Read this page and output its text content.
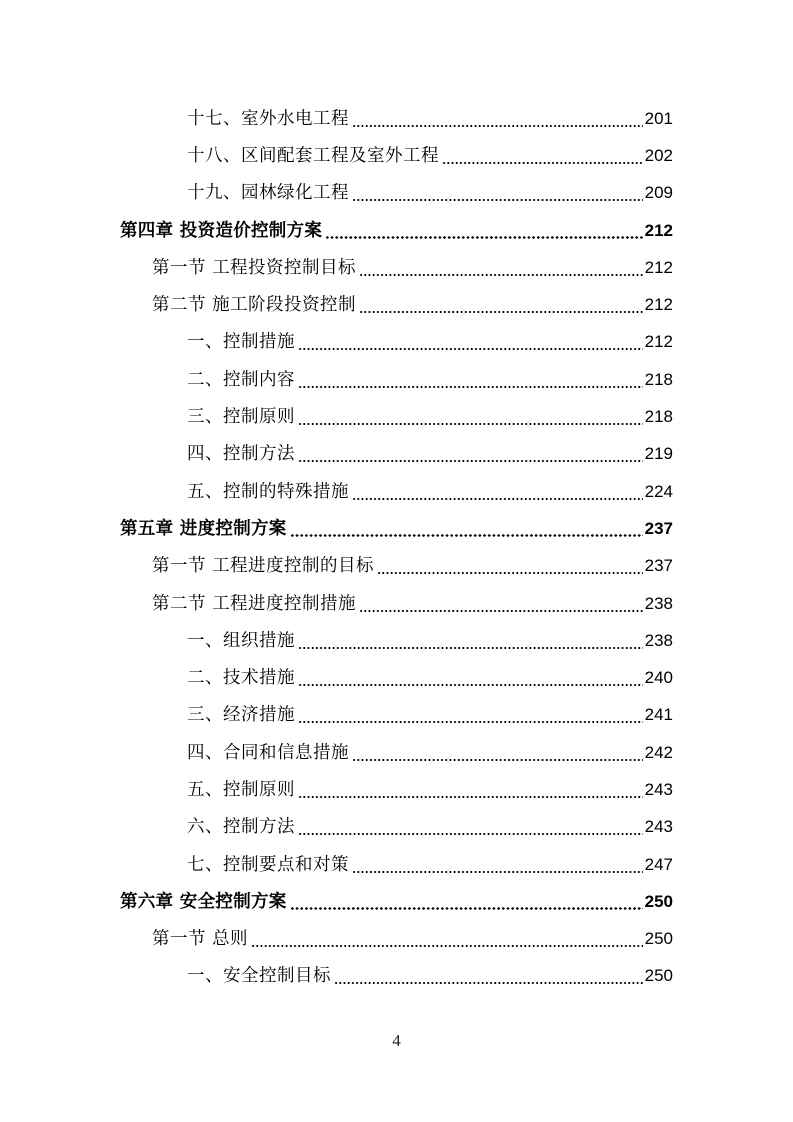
十七、室外水电工程	201
十八、区间配套工程及室外工程	202
十九、园林绿化工程	209
第四章 投资造价控制方案	212
第一节 工程投资控制目标	212
第二节 施工阶段投资控制	212
一、控制措施	212
二、控制内容	218
三、控制原则	218
四、控制方法	219
五、控制的特殊措施	224
第五章 进度控制方案	237
第一节 工程进度控制的目标	237
第二节 工程进度控制措施	238
一、组织措施	238
二、技术措施	240
三、经济措施	241
四、合同和信息措施	242
五、控制原则	243
六、控制方法	243
七、控制要点和对策	247
第六章 安全控制方案	250
第一节 总则	250
一、安全控制目标	250
4
